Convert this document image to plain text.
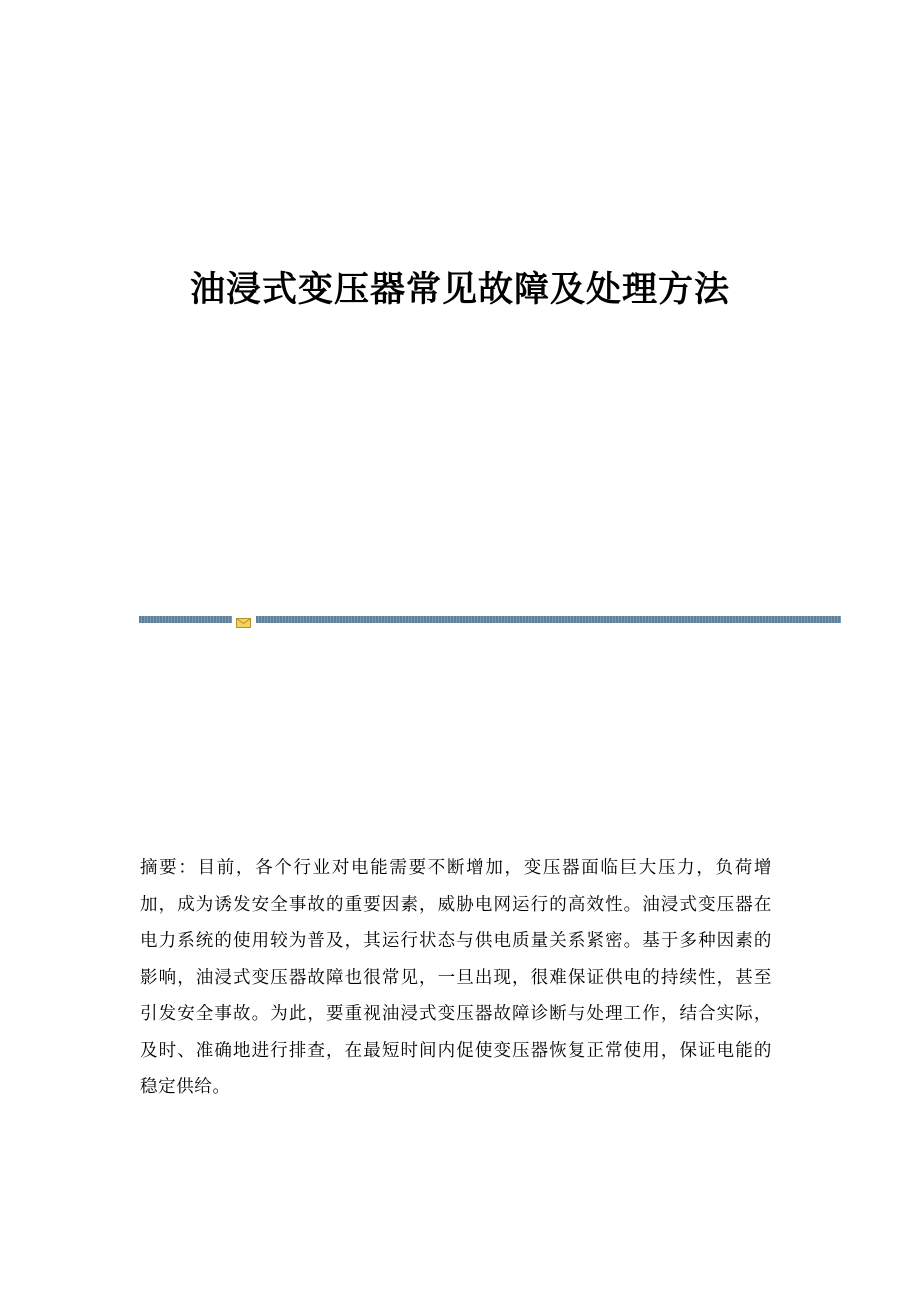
油浸式变压器常见故障及处理方法

摘要：目前，各个行业对电能需要不断增加，变压器面临巨大压力，负荷增加，成为诱发安全事故的重要因素，威胁电网运行的高效性。油浸式变压器在电力系统的使用较为普及，其运行状态与供电质量关系紧密。基于多种因素的影响，油浸式变压器故障也很常见，一旦出现，很难保证供电的持续性，甚至引发安全事故。为此，要重视油浸式变压器故障诊断与处理工作，结合实际，及时、准确地进行排查，在最短时间内促使变压器恢复正常使用，保证电能的稳定供给。
